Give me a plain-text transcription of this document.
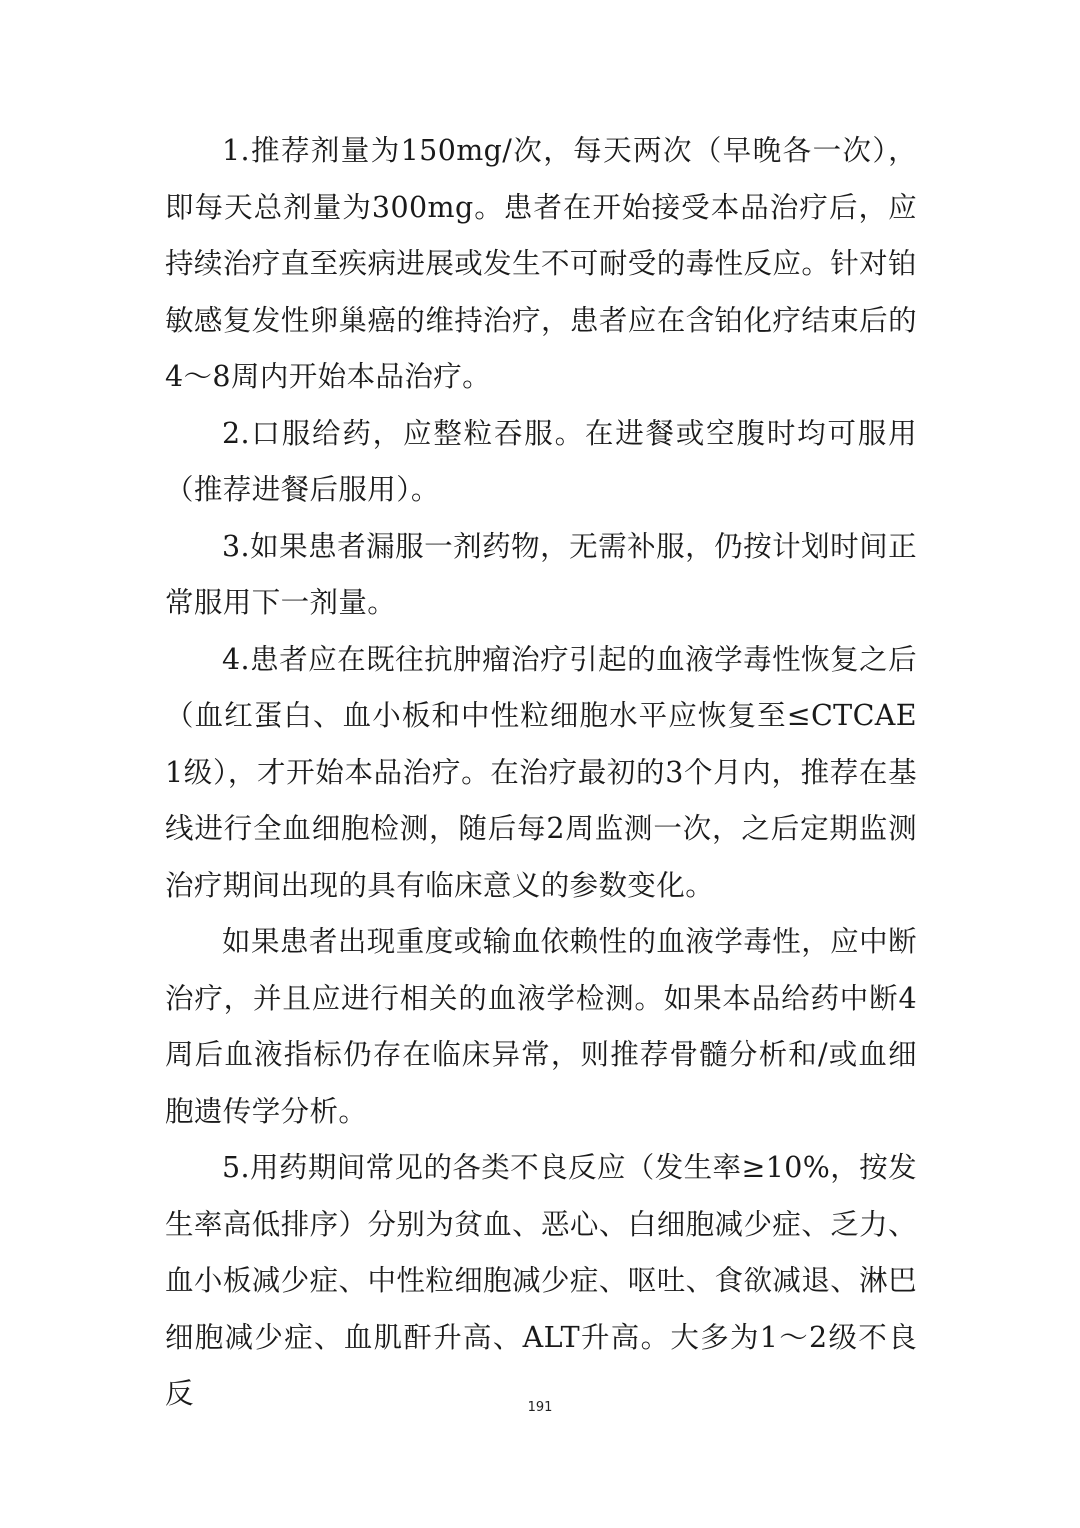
1.推荐剂量为150mg/次，每天两次（早晚各一次），即每天总剂量为300mg。患者在开始接受本品治疗后，应持续治疗直至疾病进展或发生不可耐受的毒性反应。针对铂敏感复发性卵巢癌的维持治疗，患者应在含铂化疗结束后的4～8周内开始本品治疗。

2.口服给药，应整粒吞服。在进餐或空腹时均可服用（推荐进餐后服用）。

3.如果患者漏服一剂药物，无需补服，仍按计划时间正常服用下一剂量。

4.患者应在既往抗肿瘤治疗引起的血液学毒性恢复之后（血红蛋白、血小板和中性粒细胞水平应恢复至≤CTCAE 1级），才开始本品治疗。在治疗最初的3个月内，推荐在基线进行全血细胞检测，随后每2周监测一次，之后定期监测治疗期间出现的具有临床意义的参数变化。

如果患者出现重度或输血依赖性的血液学毒性，应中断治疗，并且应进行相关的血液学检测。如果本品给药中断4周后血液指标仍存在临床异常，则推荐骨髓分析和/或血细胞遗传学分析。

5.用药期间常见的各类不良反应（发生率≥10%，按发生率高低排序）分别为贫血、恶心、白细胞减少症、乏力、血小板减少症、中性粒细胞减少症、呕吐、食欲减退、淋巴细胞减少症、血肌酐升高、ALT升高。大多为1～2级不良反	191
